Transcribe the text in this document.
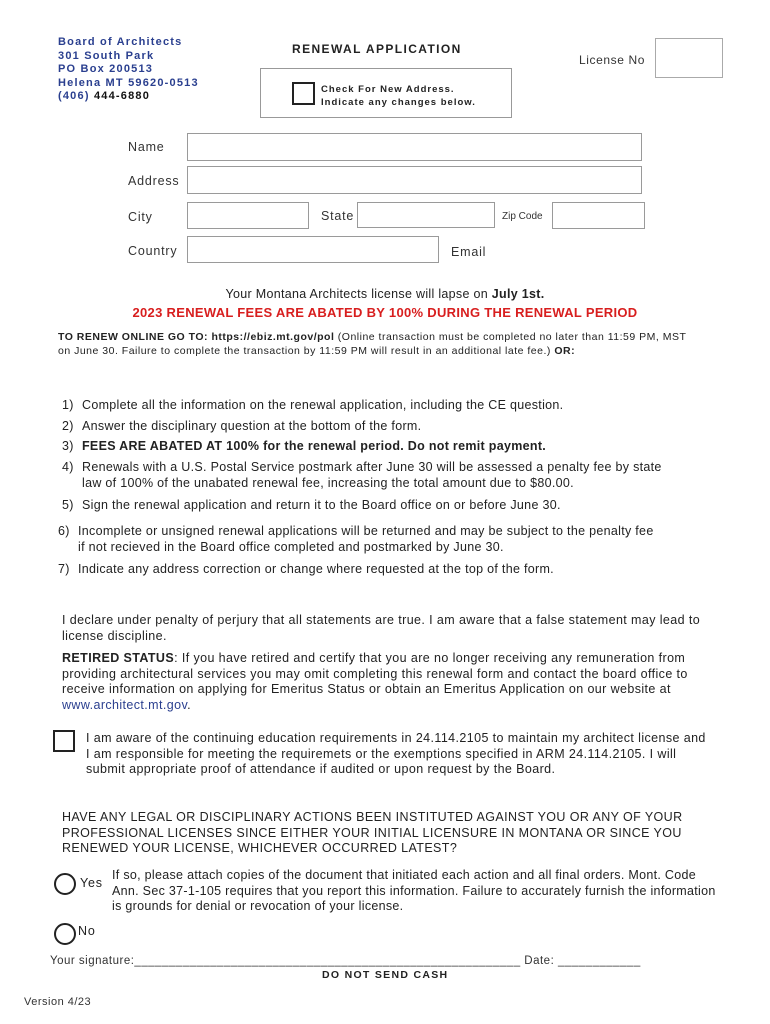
Board of Architects
301 South Park
PO Box 200513
Helena MT 59620-0513
(406) 444-6880
RENEWAL APPLICATION
License No
Check For New Address.
Indicate any changes below.
Name
Address
City	State	Zip Code
Country	Email
Your Montana Architects license will lapse on July 1st.
2023 RENEWAL FEES ARE ABATED BY 100% DURING THE RENEWAL PERIOD
TO RENEW ONLINE GO TO: https://ebiz.mt.gov/pol (Online transaction must be completed no later than 11:59 PM, MST on June 30. Failure to complete the transaction by 11:59 PM will result in an additional late fee.) OR:
1) Complete all the information on the renewal application, including the CE question.
2) Answer the disciplinary question at the bottom of the form.
3) FEES ARE ABATED AT 100% for the renewal period. Do not remit payment.
4) Renewals with a U.S. Postal Service postmark after June 30 will be assessed a penalty fee by state
law of 100% of the unabated renewal fee, increasing the total amount due to $80.00.
5) Sign the renewal application and return it to the Board office on or before June 30.
6) Incomplete or unsigned renewal applications will be returned and may be subject to the penalty fee
if not recieved in the Board office completed and postmarked by June 30.
7) Indicate any address correction or change where requested at the top of the form.
I declare under penalty of perjury that all statements are true. I am aware that a false statement may lead to license discipline.
RETIRED STATUS: If you have retired and certify that you are no longer receiving any remuneration from providing architectural services you may omit completing this renewal form and contact the board office to receive information on applying for Emeritus Status or obtain an Emeritus Application on our website at www.architect.mt.gov.
I am aware of the continuing education requirements in 24.114.2105 to maintain my architect license and I am responsible for meeting the requiremets or the exemptions specified in ARM 24.114.2105. I will submit appropriate proof of attendance if audited or upon request by the Board.
HAVE ANY LEGAL OR DISCIPLINARY ACTIONS BEEN INSTITUTED AGAINST YOU OR ANY OF YOUR PROFESSIONAL LICENSES SINCE EITHER YOUR INITIAL LICENSURE IN MONTANA OR SINCE YOU RENEWED YOUR LICENSE, WHICHEVER OCCURRED LATEST?
Yes
If so, please attach copies of the document that initiated each action and all final orders. Mont. Code Ann. Sec 37-1-105 requires that you report this information. Failure to accurately furnish the information is grounds for denial or revocation of your license.
No
Your signature:________________________________________________________ Date: ____________
DO NOT SEND CASH
Version 4/23
